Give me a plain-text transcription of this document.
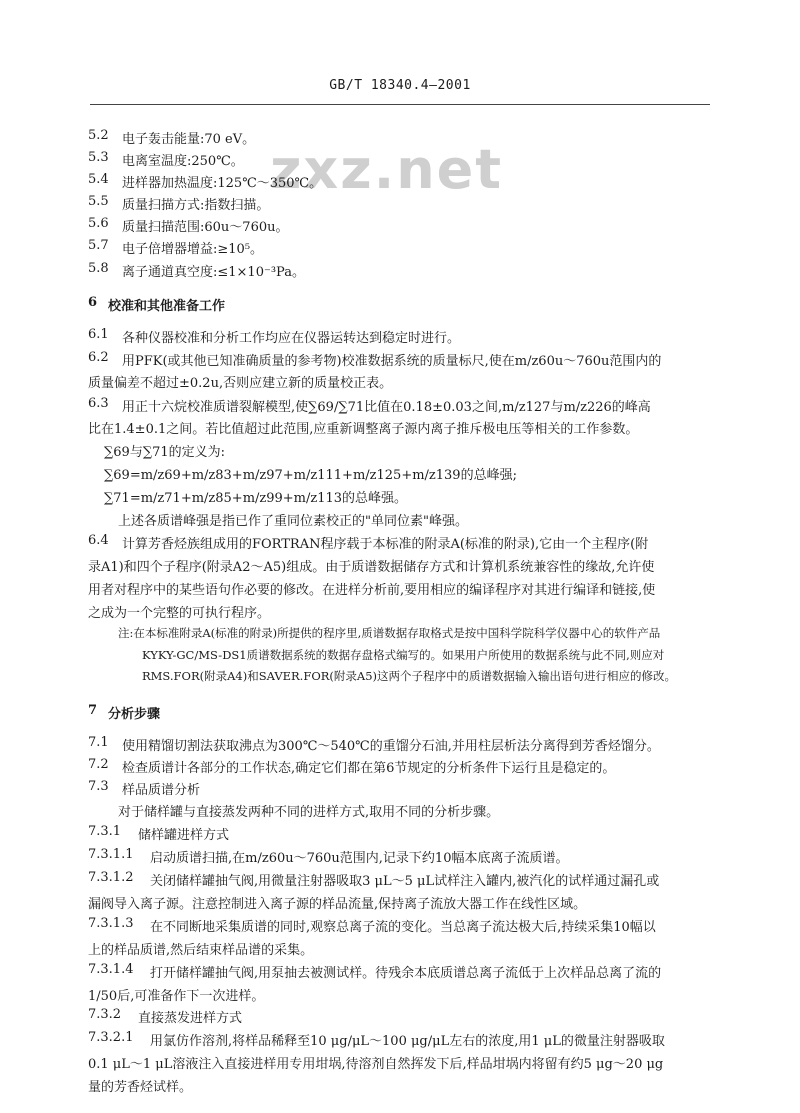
GB/T 18340.4—2001
zxz.net
5.2 电子轰击能量:70 eV。
5.3 电离室温度:250℃。
5.4 进样器加热温度:125℃～350℃。
5.5 质量扫描方式:指数扫描。
5.6 质量扫描范围:60u～760u。
5.7 电子倍增器增益:≥10⁵。
5.8 离子通道真空度:≤1×10⁻³Pa。
6 校准和其他准备工作
6.1 各种仪器校准和分析工作均应在仪器运转达到稳定时进行。
6.2 用PFK(或其他已知准确质量的参考物)校准数据系统的质量标尺,使在m/z60u～760u范围内的
质量偏差不超过±0.2u,否则应建立新的质量校正表。
6.3 用正十六烷校准质谱裂解模型,使∑69/∑71比值在0.18±0.03之间,m/z127与m/z226的峰高
比在1.4±0.1之间。若比值超过此范围,应重新调整离子源内离子推斥极电压等相关的工作参数。
∑69与∑71的定义为:
∑69=m/z69+m/z83+m/z97+m/z111+m/z125+m/z139的总峰强;
∑71=m/z71+m/z85+m/z99+m/z113的总峰强。
上述各质谱峰强是指已作了重同位素校正的"单同位素"峰强。
6.4 计算芳香烃族组成用的FORTRAN程序载于本标准的附录A(标准的附录),它由一个主程序(附
录A1)和四个子程序(附录A2～A5)组成。由于质谱数据储存方式和计算机系统兼容性的缘故,允许使
用者对程序中的某些语句作必要的修改。在进样分析前,要用相应的编译程序对其进行编译和链接,使
之成为一个完整的可执行程序。
注:在本标准附录A(标准的附录)所提供的程序里,质谱数据存取格式是按中国科学院科学仪器中心的软件产品
KYKY-GC/MS-DS1质谱数据系统的数据存盘格式编写的。如果用户所使用的数据系统与此不同,则应对
RMS.FOR(附录A4)和SAVER.FOR(附录A5)这两个子程序中的质谱数据输入输出语句进行相应的修改。
7 分析步骤
7.1 使用精馏切割法获取沸点为300℃～540℃的重馏分石油,并用柱层析法分离得到芳香烃馏分。
7.2 检查质谱计各部分的工作状态,确定它们都在第6节规定的分析条件下运行且是稳定的。
7.3 样品质谱分析
对于储样罐与直接蒸发两种不同的进样方式,取用不同的分析步骤。
7.3.1 储样罐进样方式
7.3.1.1 启动质谱扫描,在m/z60u～760u范围内,记录下约10幅本底离子流质谱。
7.3.1.2 关闭储样罐抽气阀,用微量注射器吸取3 μL～5 μL试样注入罐内,被汽化的试样通过漏孔或
漏阀导入离子源。注意控制进入离子源的样品流量,保持离子流放大器工作在线性区域。
7.3.1.3 在不同断地采集质谱的同时,观察总离子流的变化。当总离子流达极大后,持续采集10幅以
上的样品质谱,然后结束样品谱的采集。
7.3.1.4 打开储样罐抽气阀,用泵抽去被测试样。待残余本底质谱总离子流低于上次样品总离了流的
1/50后,可准备作下一次进样。
7.3.2 直接蒸发进样方式
7.3.2.1 用氯仿作溶剂,将样品稀释至10 μg/μL～100 μg/μL左右的浓度,用1 μL的微量注射器吸取
0.1 μL～1 μL溶液注入直接进样用专用坩埚,待溶剂自然挥发下后,样品坩埚内将留有约5 μg～20 μg
量的芳香烃试样。
